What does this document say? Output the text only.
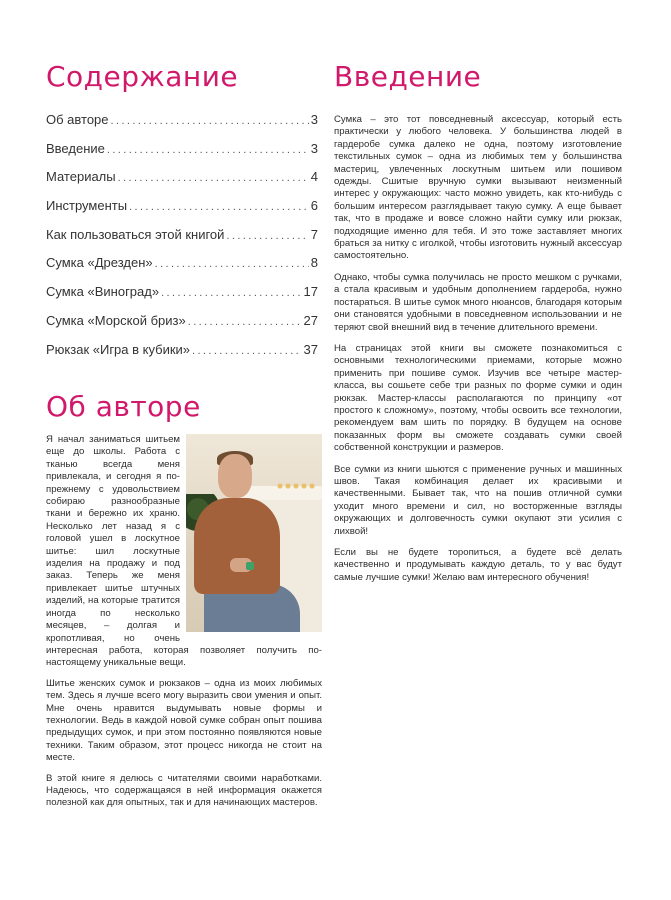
Содержание	Введение
Об авторе .....	3
Введение .....	3
Материалы .....	4
Инструменты .....	6
Как пользоваться этой книгой .....	7
Сумка «Дрезден» .....	8
Сумка «Виноград» .....	17
Сумка «Морской бриз» .....	27
Рюкзак «Игра в кубики» .....	37

Сумка – это тот повседневный аксессуар, который есть практически у любого человека. У большинства людей в гардеробе сумка далеко не одна, поэтому изготовление текстильных сумок – одна из любимых тем у большинства мастериц, увлеченных лоскутным шитьем или пошивом одежды. Сшитые вручную сумки вызывают неизменный интерес у окружающих: часто можно увидеть, как кто-нибудь с большим интересом разглядывает такую сумку. А еще бывает так, что в продаже и вовсе сложно найти сумку или рюкзак, подходящие именно для тебя. И это тоже заставляет многих браться за нитку с иголкой, чтобы изготовить нужный аксессуар самостоятельно.

Однако, чтобы сумка получилась не просто мешком с ручками, а стала красивым и удобным дополнением гардероба, нужно постараться. В шитье сумок много нюансов, благодаря которым они становятся удобными в повседневном использовании и не теряют свой внешний вид в течение длительного времени.

На страницах этой книги вы сможете познакомиться с основными технологическими приемами, которые можно применить при пошиве сумок. Изучив все четыре мастер-класса, вы сошьете себе три разных по форме сумки и один рюкзак. Мастер-классы располагаются по принципу «от простого к сложному», поэтому, чтобы освоить все технологии, рекомендуем вам шить по порядку. В будущем на основе показанных форм вы сможете создавать сумки своей собственной конструкции и размеров.

Все сумки из книги шьются с применение ручных и машинных швов. Такая комбинация делает их красивыми и качественными. Бывает так, что на пошив отличной сумки уходит много времени и сил, но восторженные взгляды окружающих и долговечность сумки окупают эти усилия с лихвой!

Если вы не будете торопиться, а будете всё делать качественно и продумывать каждую деталь, то у вас будут самые лучшие сумки! Желаю вам интересного обучения!

Об авторе

Я начал заниматься шитьем еще до школы. Работа с тканью всегда меня привлекала, и сегодня я по-прежнему с удовольствием собираю разнообразные ткани и бережно их храню. Несколько лет назад я с головой ушел в лоскутное шитье: шил лоскутные изделия на продажу и под заказ. Теперь же меня привлекает шитье штучных изделий, на которые тратится иногда по несколько месяцев, – долгая и кропотливая, но очень интересная работа, которая позволяет получить по-настоящему уникальные вещи.

Шитье женских сумок и рюкзаков – одна из моих любимых тем. Здесь я лучше всего могу выразить свои умения и опыт. Мне очень нравится выдумывать новые формы и технологии. Ведь в каждой новой сумке собран опыт пошива предыдущих сумок, и при этом постоянно появляются новые техники. Таким образом, этот процесс никогда не стоит на месте.

В этой книге я делюсь с читателями своими наработками. Надеюсь, что содержащаяся в ней информация окажется полезной как для опытных, так и для начинающих мастеров.
